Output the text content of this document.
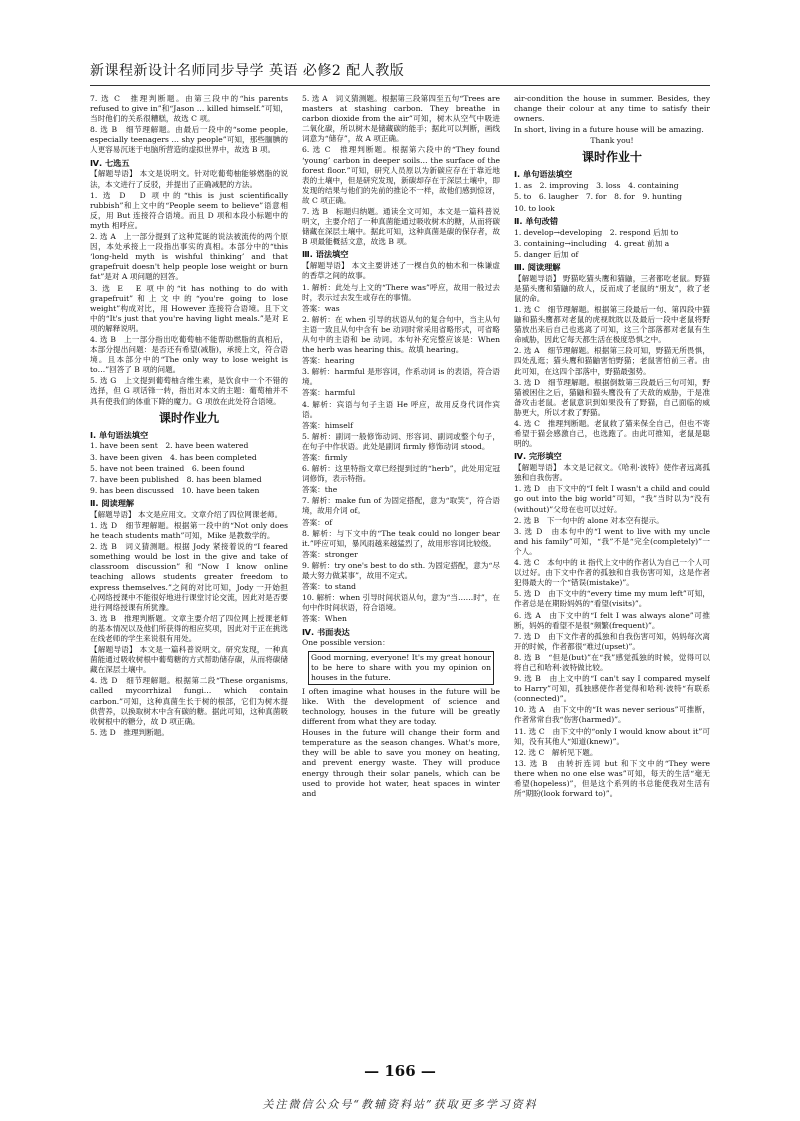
新课程新设计名师同步导学 英语 必修2 配人教版
7. 选 C　推理判断题。由第三段中的“his parents refused to give in”和“Jason … killed himself.”可知，当时他们的关系很糟糕，故选 C 项。
8. 选 B　细节理解题。由最后一段中的“some people, especially teenagers … shy people”可知，那些腼腆的人更容易沉迷于电脑所营造的虚拟世界中，故选 B 项。
Ⅳ. 七选五
【解题导语】 本文是说明文。针对吃葡萄柚能够燃脂的说法，本文进行了反驳，并提出了正确减肥的方法。
1. 选 D　D 项中的“this is just scientifically rubbish”和上文中的“People seem to believe”语意相反，用 But 连接符合语境。而且 D 项和本段小标题中的 myth 相呼应。
2. 选 A　上一部分提到了这种荒诞的说法被流传的两个原因，本处承接上一段指出事实的真相。本部分中的“this ‘long-held myth is wishful thinking’ and that grapefruit doesn't help people lose weight or burn fat”是对 A 项问题的回答。
3. 选 E　E 项中的“it has nothing to do with grapefruit”和上文中的“you're going to lose weight”构成对比，用 However 连接符合语境。且下文中的“It's just that you're having light meals.”是对 E 项的解释说明。
4. 选 B　上一部分指出吃葡萄柚不能帮助燃脂的真相后，本部分提出问题：是否还有希望(减脂)，承接上文，符合语境。且本部分中的“The only way to lose weight is to…”回答了 B 项的问题。
5. 选 G　上文提到葡萄柚含维生素，是饮食中一个不错的选择，但 G 项话锋一转，指出对本文的主题：葡萄柚并不具有使我们的体重下降的魔力。G 项放在此处符合语境。
课时作业九
Ⅰ. 单句语法填空
1. have been sent　2. have been watered
3. have been given　4. has been completed
5. have not been trained　6. been found
7. have been published　8. has been blamed
9. has been discussed　10. have been taken
Ⅱ. 阅读理解
【解题导语】 本文是应用文。文章介绍了四位网课老师。
1. 选 D　细节理解题。根据第一段中的“Not only does he teach students math”可知，Mike 是教数学的。
2. 选 B　词义猜测题。根据 Jody 紧接着说的“I feared something would be lost in the give and take of classroom discussion”和“Now I know online teaching allows students greater freedom to express themselves.”之间的对比可知，Jody 一开始担心网络授课中不能很好地进行课堂讨论交流，因此对是否要进行网络授课有所犹豫。
3. 选 B　推理判断题。文章主要介绍了四位网上授课老师的基本情况以及他们所获得的相应奖项，因此对于正在挑选在线老师的学生来说很有用处。
【解题导语】 本文是一篇科普说明文。研究发现，一种真菌能通过吸收树根中葡萄糖的方式帮助储存碳，从而将碳储藏在深层土壤中。
4. 选 D　细节理解题。根据第二段“These organisms, called mycorrhizal fungi… which contain carbon.”可知，这种真菌生长于树的根部，它们为树木提供营养，以换取树木中含有碳的糖。据此可知，这种真菌吸收树根中的糖分，故 D 项正确。
5. 选 D　推理判断题。
5. 选 A　词义猜测题。根据第三段第四至五句“Trees are masters at stashing carbon. They breathe in carbon dioxide from the air”可知，树木从空气中吸进二氧化碳，所以树木是储藏碳的能手；据此可以判断，画线词意为“储存”，故 A 项正确。
6. 选 C　推理判断题。根据第六段中的“They found ‘young’ carbon in deeper soils… the surface of the forest floor.”可知，研究人员原以为新碳应存在于靠近地表的土壤中，但是研究发现，新碳却存在于深层土壤中，即发现的结果与他们的先前的推论不一样，故他们感到惊讶，故 C 项正确。
7. 选 B　标题归纳题。通读全文可知，本文是一篇科普说明文，主要介绍了一种真菌能通过吸收树木的糖，从而将碳储藏在深层土壤中。据此可知，这种真菌是碳的保存者，故 B 项最能概括文意，故选 B 项。
Ⅲ. 语法填空
【解题导语】 本文主要讲述了一棵自负的柚木和一株谦虚的香草之间的故事。
1. 解析：此处与上文的“There was”呼应，故用一般过去时，表示过去发生或存在的事情。
答案：was
2. 解析：在 when 引导的状语从句的复合句中，当主从句主语一致且从句中含有 be 动词时常采用省略形式，可省略从句中的主语和 be 动词。本句补充完整应该是：When the herb was hearing this。故填 hearing。
答案：hearing
3. 解析：harmful 是形容词，作系动词 is 的表语，符合语境。
答案：harmful
4. 解析：宾语与句子主语 He 呼应，故用反身代词作宾语。
答案：himself
5. 解析：副词一般修饰动词、形容词、副词或整个句子，在句子中作状语。此处是副词 firmly 修饰动词 stood。
答案：firmly
6. 解析：这里特指文章已经提到过的“herb”，此处用定冠词修饰，表示特指。
答案：the
7. 解析：make fun of 为固定搭配，意为“取笑”，符合语境，故用介词 of。
答案：of
8. 解析：与下文中的“The teak could no longer bear it.”呼应可知，暴风雨越来越猛烈了，故用形容词比较级。
答案：stronger
9. 解析：try one's best to do sth. 为固定搭配，意为“尽最大努力做某事”，故用不定式。
答案：to stand
10. 解析：when 引导时间状语从句，意为“当……时”，在句中作时间状语，符合语境。
答案：When
Ⅳ. 书面表达
One possible version：
Good morning, everyone! It's my great honour to be here to share with you my opinion on houses in the future.
I often imagine what houses in the future will be like. With the development of science and technology, houses in the future will be greatly different from what they are today.
Houses in the future will change their form and temperature as the season changes. What's more, they will be able to save you money on heating, and prevent energy waste. They will produce energy through their solar panels, which can be used to provide hot water, heat spaces in winter and
air-condition the house in summer. Besides, they change their colour at any time to satisfy their owners.
In short, living in a future house will be amazing.
Thank you!
课时作业十
Ⅰ. 单句语法填空
1. as　2. improving　3. loss　4. containing
5. to　6. laugher　7. for　8. for　9. hunting
10. to look
Ⅱ. 单句改错
1. develop→developing　2. respond 后加 to
3. containing→including　4. great 前加 a
5. danger 后加 of
Ⅲ. 阅读理解
【解题导语】 野猫吃猫头鹰和猫鼬，三者都吃老鼠。野猫是猫头鹰和猫鼬的敌人，反而成了老鼠的“朋友”，救了老鼠的命。
1. 选 C　细节理解题。根据第三段最后一句、第四段中猫鼬和猫头鹰都对老鼠的虎视眈眈以及最后一段中老鼠将野猫放出来后自己也逃离了可知，这三个部落都对老鼠有生命威胁，因此它每天都生活在极度恐惧之中。
2. 选 A　细节理解题。根据第三段可知，野猫无所畏惧，四处乱逛；猫头鹰和猫鼬害怕野猫；老鼠害怕前三者。由此可知，在这四个部落中，野猫最强势。
3. 选 D　细节理解题。根据倒数第三段最后三句可知，野猫被困住之后，猫鼬和猫头鹰没有了天敌的威胁，于是准备攻击老鼠。老鼠意识到如果没有了野猫，自己面临的威胁更大，所以才救了野猫。
4. 选 C　推理判断题。老鼠救了猫来保全自己，但也不寄希望于猫会感激自己，也选跑了。由此可推知，老鼠是聪明的。
Ⅳ. 完形填空
【解题导语】 本文是记叙文。《哈利·波特》使作者远离孤独和自我伤害。
1. 选 D　由下文中的“I felt I wasn't a child and could go out into the big world”可知，“我”当时以为“没有(without)”父母在也可以过好。
2. 选 B　下一句中的 alone 对本空有提示。
3. 选 D　由本句中的“I went to live with my uncle and his family”可知，“我”不是“完全(completely)”一个人。
4. 选 C　本句中的 it 指代上文中的作者认为自己一个人可以过好。由下文中作者的孤独和自我伤害可知，这是作者犯得最大的一个“错误(mistake)”。
5. 选 D　由下文中的“every time my mum left”可知，作者总是在期盼妈妈的“看望(visits)”。
6. 选 A　由下文中的“I felt I was always alone”可推断，妈妈的看望不是很“频繁(frequent)”。
7. 选 D　由下文作者的孤独和自我伤害可知，妈妈每次离开的时候，作者都很“难过(upset)”。
8. 选 B　“但是(but)”在“我”感觉孤独的时候，觉得可以将自己和哈利·波特做比较。
9. 选 B　由上文中的“I can't say I compared myself to Harry”可知，孤独感使作者觉得和哈利·波特“有联系(connected)”。
10. 选 A　由下文中的“It was never serious”可推断，作者常常自我“伤害(harmed)”。
11. 选 C　由下文中的“only I would know about it”可知，没有其他人“知道(knew)”。
12. 选 C　解析见下题。
13. 选 B　由转折连词 but 和下文中的“They were there when no one else was”可知，每天的生活“毫无希望(hopeless)”，但是这个系列的书总能使我对生活有所“期盼(look forward to)”。
— 166 —
关注微信公众号“教辅资料站”获取更多学习资料
